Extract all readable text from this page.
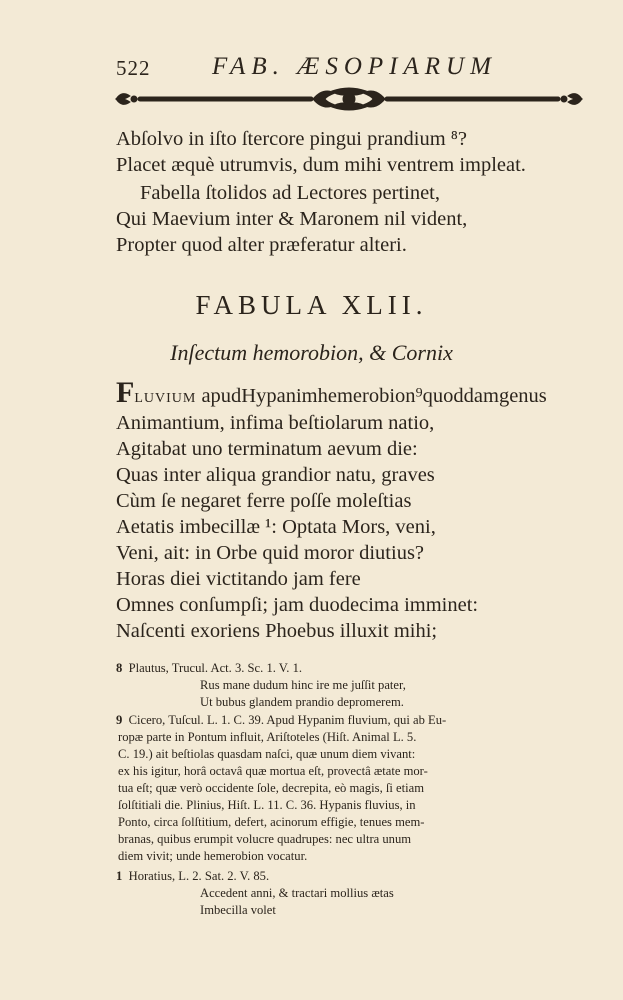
522 FAB. ÆSOPIARUM
Abſolvo in iſto ſtercore pingui prandium ⁸?
Placet æquè utrumvis, dum mihi ventrem impleat.
Fabella ſtolidos ad Lectores pertinet,
Qui Maevium inter & Maronem nil vident,
Propter quod alter præferatur alteri.
FABULA XLII.
Inſectum hemorobion, & Cornix
FLUVIUM apudHypanimhemerobion⁹quoddamgenus
Animantium, infima beſtiolarum natio,
Agitabat uno terminatum aevum die:
Quas inter aliqua grandior natu, graves
Cùm ſe negaret ferre poſſe moleſtias
Aetatis imbecillæ ¹: Optata Mors, veni,
Veni, ait: in Orbe quid moror diutius?
Horas diei victitando jam fere
Omnes conſumpſi; jam duodecima imminet:
Naſcenti exoriens Phoebus illuxit mihi;
8 Plautus, Trucul. Act. 3. Sc. 1. V. 1.
Rus mane dudum hinc ire me juſſit pater,
Ut bubus glandem prandio depromerem.
9 Cicero, Tuſcul. L. 1. C. 39. Apud Hypanim fluvium, qui ab Eu-
ropæ parte in Pontum influit, Ariſtoteles (Hiſt. Animal L. 5.
C. 19.) ait beſtiolas quasdam naſci, quæ unum diem vivant:
ex his igitur, horâ octavâ quæ mortua eſt, provectâ ætate mor-
tua eſt; quæ verò occidente ſole, decrepita, eò magis, ſi etiam
ſolſtitiali die. Plinius, Hiſt. L. 11. C. 36. Hypanis fluvius, in
Ponto, circa ſolſtitium, defert, acinorum effigie, tenues mem-
branas, quibus erumpit volucre quadrupes: nec ultra unum
diem vivit; unde hemerobion vocatur.
1 Horatius, L. 2. Sat. 2. V. 85.
Accedent anni, & tractari mollius ætas
Imbecilla volet
